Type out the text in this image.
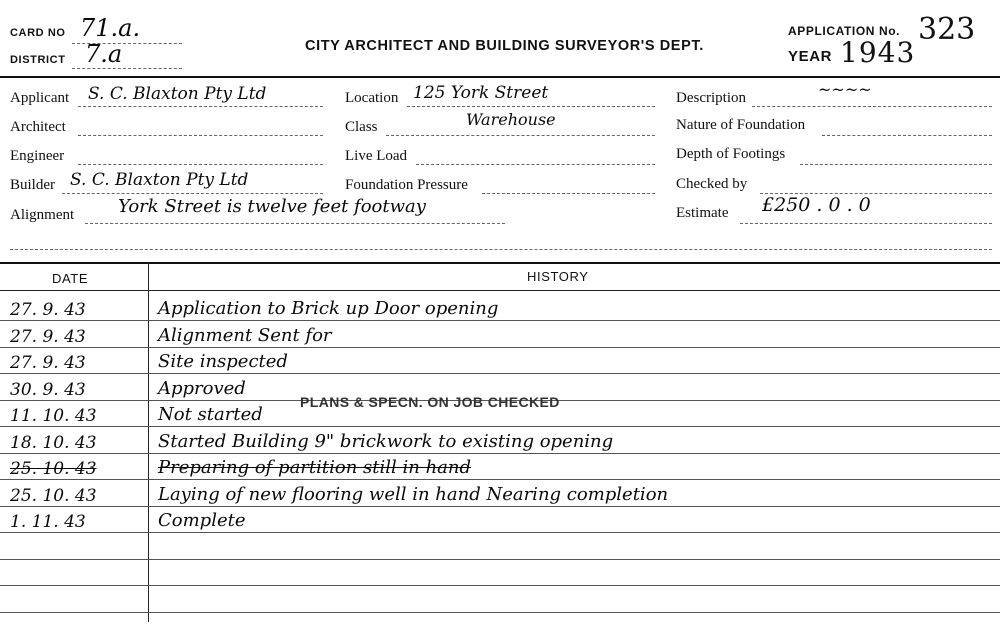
CARD NO 71.a.
DISTRICT 7.a	CITY ARCHITECT AND BUILDING SURVEYOR'S DEPT.
APPLICATION No. 323
YEAR 1943
Applicant S. C. Blaxton Pty Ltd
Architect
Engineer
Builder S. C. Blaxton Pty Ltd
Alignment York Street is twelve feet footway
Location 125 York Street
Class	Warehouse
Live Load
Foundation Pressure
Description	~~~~
Nature of Foundation
Depth of Footings
Checked by
Estimate £250 . 0 . 0
DATE	HISTORY
27. 9. 43	Application to Brick up Door opening
27. 9. 43	Alignment Sent for
27. 9. 43	Site inspected
30. 9. 43	Approved
11. 10. 43	Not started
18. 10. 43	Started Building 9" brickwork to existing opening
25. 10. 43	Preparing of partition still in hand
25. 10. 43	Laying of new flooring well in hand Nearing completion
1. 11. 43	Complete
PLANS & SPECN. ON JOB CHECKED
